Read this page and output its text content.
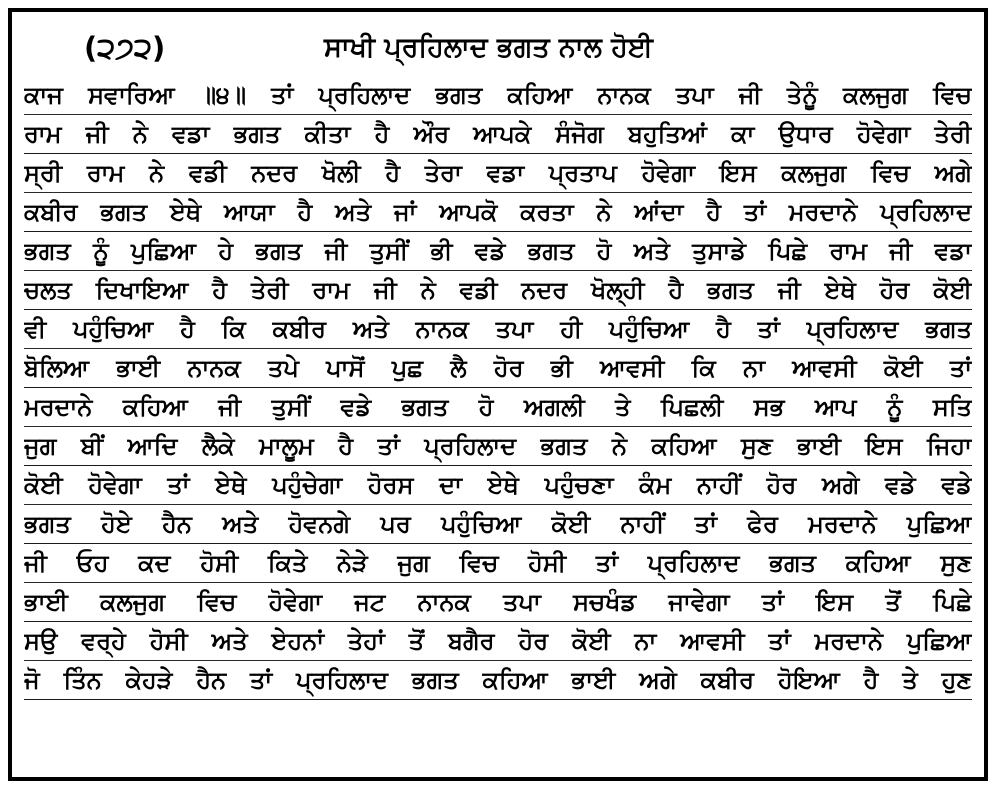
(੨੭੨)	ਸਾਖੀ ਪ੍ਰਹਿਲਾਦ ਭਗਤ ਨਾਲ ਹੋਈ
ਕਾਜ ਸਵਾਰਿਆ ॥੪॥ ਤਾਂ ਪ੍ਰਹਿਲਾਦ ਭਗਤ ਕਹਿਆ ਨਾਨਕ ਤਪਾ ਜੀ ਤੇਨੂੰ ਕਲਜੁਗ ਵਿਚ
ਰਾਮ ਜੀ ਨੇ ਵਡਾ ਭਗਤ ਕੀਤਾ ਹੈ ਔਰ ਆਪਕੇ ਸੰਜੋਗ ਬਹੁਤਿਆਂ ਕਾ ਉਧਾਰ ਹੋਵੇਗਾ ਤੇਰੀ
ਸ੍ਰੀ ਰਾਮ ਨੇ ਵਡੀ ਨਦਰ ਖੋਲੀ ਹੈ ਤੇਰਾ ਵਡਾ ਪ੍ਰਤਾਪ ਹੋਵੇਗਾ ਇਸ ਕਲਜੁਗ ਵਿਚ ਅਗੇ
ਕਬੀਰ ਭਗਤ ਏਥੇ ਆਯਾ ਹੈ ਅਤੇ ਜਾਂ ਆਪਕੋ ਕਰਤਾ ਨੇ ਆਂਦਾ ਹੈ ਤਾਂ ਮਰਦਾਨੇ ਪ੍ਰਹਿਲਾਦ
ਭਗਤ ਨੂੰ ਪੁਛਿਆ ਹੇ ਭਗਤ ਜੀ ਤੁਸੀਂ ਭੀ ਵਡੇ ਭਗਤ ਹੋ ਅਤੇ ਤੁਸਾਡੇ ਪਿਛੇ ਰਾਮ ਜੀ ਵਡਾ
ਚਲਤ ਦਿਖਾਇਆ ਹੈ ਤੇਰੀ ਰਾਮ ਜੀ ਨੇ ਵਡੀ ਨਦਰ ਖੋਲ੍ਹੀ ਹੈ ਭਗਤ ਜੀ ਏਥੇ ਹੋਰ ਕੋਈ
ਵੀ ਪਹੁੰਚਿਆ ਹੈ ਕਿ ਕਬੀਰ ਅਤੇ ਨਾਨਕ ਤਪਾ ਹੀ ਪਹੁੰਚਿਆ ਹੈ ਤਾਂ ਪ੍ਰਹਿਲਾਦ ਭਗਤ
ਬੋਲਿਆ ਭਾਈ ਨਾਨਕ ਤਪੇ ਪਾਸੋਂ ਪੁਛ ਲੈ ਹੋਰ ਭੀ ਆਵਸੀ ਕਿ ਨਾ ਆਵਸੀ ਕੋਈ ਤਾਂ
ਮਰਦਾਨੇ ਕਹਿਆ ਜੀ ਤੁਸੀਂ ਵਡੇ ਭਗਤ ਹੋ ਅਗਲੀ ਤੇ ਪਿਛਲੀ ਸਭ ਆਪ ਨੂੰ ਸਤਿ
ਜੁਗ ਬੀਂ ਆਦਿ ਲੈਕੇ ਮਾਲੂਮ ਹੈ ਤਾਂ ਪ੍ਰਹਿਲਾਦ ਭਗਤ ਨੇ ਕਹਿਆ ਸੁਣ ਭਾਈ ਇਸ ਜਿਹਾ
ਕੋਈ ਹੋਵੇਗਾ ਤਾਂ ਏਥੇ ਪਹੁੰਚੇਗਾ ਹੋਰਸ ਦਾ ਏਥੇ ਪਹੁੰਚਣਾ ਕੰਮ ਨਾਹੀਂ ਹੋਰ ਅਗੇ ਵਡੇ ਵਡੇ
ਭਗਤ ਹੋਏ ਹੈਨ ਅਤੇ ਹੋਵਨਗੇ ਪਰ ਪਹੁੰਚਿਆ ਕੋਈ ਨਾਹੀਂ ਤਾਂ ਫੇਰ ਮਰਦਾਨੇ ਪੁਛਿਆ
ਜੀ ਓਹ ਕਦ ਹੋਸੀ ਕਿਤੇ ਨੇੜੇ ਜੁਗ ਵਿਚ ਹੋਸੀ ਤਾਂ ਪ੍ਰਹਿਲਾਦ ਭਗਤ ਕਹਿਆ ਸੁਣ
ਭਾਈ ਕਲਜੁਗ ਵਿਚ ਹੋਵੇਗਾ ਜਟ ਨਾਨਕ ਤਪਾ ਸਚਖੰਡ ਜਾਵੇਗਾ ਤਾਂ ਇਸ ਤੋਂ ਪਿਛੇ
ਸਉ ਵਰ੍ਹੇ ਹੋਸੀ ਅਤੇ ਏਹਨਾਂ ਤੇਹਾਂ ਤੋਂ ਬਗੈਰ ਹੋਰ ਕੋਈ ਨਾ ਆਵਸੀ ਤਾਂ ਮਰਦਾਨੇ ਪੁਛਿਆ
ਜੋ ਤਿੰਨ ਕੇਹੜੇ ਹੈਨ ਤਾਂ ਪ੍ਰਹਿਲਾਦ ਭਗਤ ਕਹਿਆ ਭਾਈ ਅਗੇ ਕਬੀਰ ਹੋਇਆ ਹੈ ਤੇ ਹੁਣ
